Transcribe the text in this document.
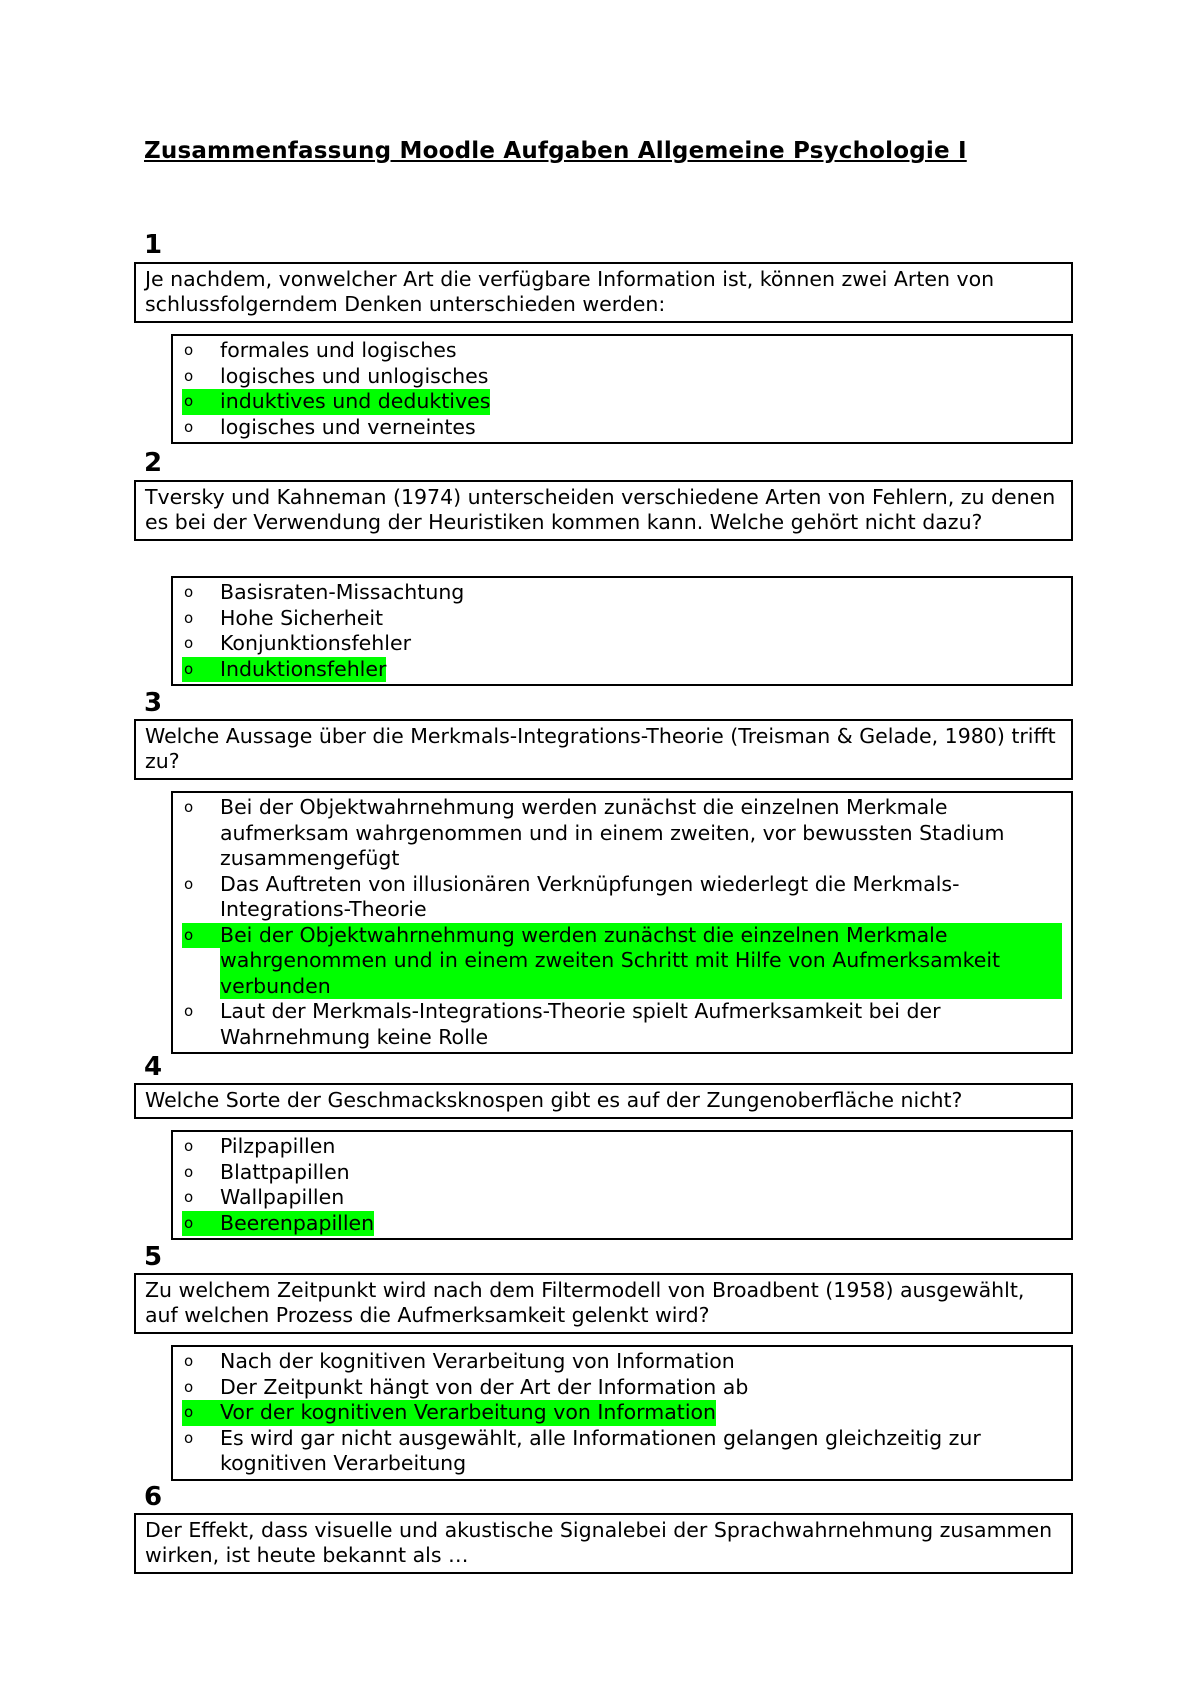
Zusammenfassung Moodle Aufgaben Allgemeine Psychologie I
1
Je nachdem, vonwelcher Art die verfügbare Information ist, können zwei Arten von schlussfolgerndem Denken unterschieden werden:
o	formales und logisches
o	logisches und unlogisches
o	induktives und deduktives
o	logisches und verneintes
2
Tversky und Kahneman (1974) unterscheiden verschiedene Arten von Fehlern, zu denen es bei der Verwendung der Heuristiken kommen kann. Welche gehört nicht dazu?
o	Basisraten-Missachtung
o	Hohe Sicherheit
o	Konjunktionsfehler
o	Induktionsfehler
3
Welche Aussage über die Merkmals-Integrations-Theorie (Treisman & Gelade, 1980) trifft zu?
o	Bei der Objektwahrnehmung werden zunächst die einzelnen Merkmale aufmerksam wahrgenommen und in einem zweiten, vor bewussten Stadium zusammengefügt
o	Das Auftreten von illusionären Verknüpfungen wiederlegt die Merkmals-Integrations-Theorie
o	Bei der Objektwahrnehmung werden zunächst die einzelnen Merkmale wahrgenommen und in einem zweiten Schritt mit Hilfe von Aufmerksamkeit verbunden
o	Laut der Merkmals-Integrations-Theorie spielt Aufmerksamkeit bei der Wahrnehmung keine Rolle
4
Welche Sorte der Geschmacksknospen gibt es auf der Zungenoberfläche nicht?
o	Pilzpapillen
o	Blattpapillen
o	Wallpapillen
o	Beerenpapillen
5
Zu welchem Zeitpunkt wird nach dem Filtermodell von Broadbent (1958) ausgewählt, auf welchen Prozess die Aufmerksamkeit gelenkt wird?
o	Nach der kognitiven Verarbeitung von Information
o	Der Zeitpunkt hängt von der Art der Information ab
o	Vor der kognitiven Verarbeitung von Information
o	Es wird gar nicht ausgewählt, alle Informationen gelangen gleichzeitig zur kognitiven Verarbeitung
6
Der Effekt, dass visuelle und akustische Signalebei der Sprachwahrnehmung zusammen wirken, ist heute bekannt als …
